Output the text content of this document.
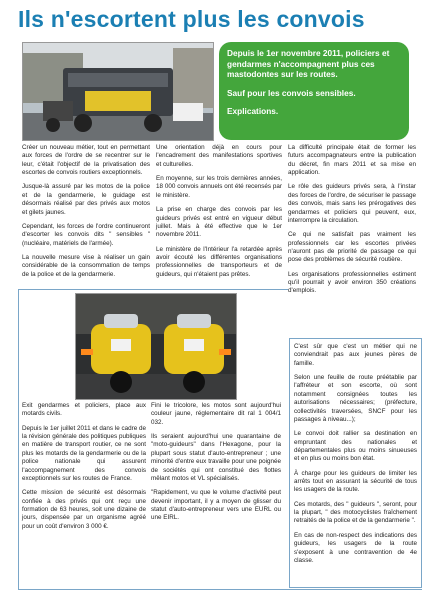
Ils n'escortent plus les convois

Depuis le 1er novembre 2011, policiers et gendarmes n'accompagnent plus ces mastodontes sur les routes.

Sauf pour les convois sensibles.

Explications.

Créer un nouveau métier, tout en permettant aux forces de l'ordre de se recentrer sur le leur, c'était l'objectif de la privatisation des escortes de convois routiers exceptionnels.

Jusque-là assuré par les motos de la police et de la gendarmerie, le guidage est désormais réalisé par des privés aux motos et gilets jaunes.

Cependant, les forces de l'ordre continueront d'escorter les convois dits " sensibles " (nucléaire, matériels de l'armée).

La nouvelle mesure vise à réaliser un gain considérable de la consommation de temps de la police et de la gendarmerie.

Une orientation déjà en cours pour l'encadrement des manifestations sportives et culturelles.

En moyenne, sur les trois dernières années, 18 000 convois annuels ont été recensés par le ministère.

La prise en charge des convois par les guideurs privés est entré en vigueur début juillet. Mais à été effective que le 1er novembre 2011.

Le ministère de l'Intérieur l'a retardée après avoir écouté les différentes organisations professionnelles de transporteurs et de guideurs, qui n'étaient pas prêtes.

La difficulté principale était de former les futurs accompagnateurs entre la publication du décret, fin mars 2011 et sa mise en application.

Le rôle des guideurs privés sera, à l'instar des forces de l'ordre, de sécuriser le passage des convois, mais sans les prérogatives des gendarmes et policiers qui peuvent, eux, interrompre la circulation.

Ce qui ne satisfait pas vraiment les professionnels car les escortes privées n'auront pas de priorité de passage ce qui pose des problèmes de sécurité routière.

Les organisations professionnelles estiment qu'il pourrait y avoir environ 350 créations d'emplois.

Exit gendarmes et policiers, place aux motards civils.

Depuis le 1er juillet 2011 et dans le cadre de la révision générale des politiques publiques en matière de transport routier, ce ne sont plus les motards de la gendarmerie ou de la police nationale qui assurent l'accompagnement des convois exceptionnels sur les routes de France.

Cette mission de sécurité est désormais confiée à des privés qui ont reçu une formation de 63 heures, soit une dizaine de jours, dispensée par un organisme agréé pour un coût d'environ 3 000 €.

Fini le tricolore, les motos sont aujourd'hui couleur jaune, réglementaire dit ral 1 004/1 032.

Ils seraient aujourd'hui une quarantaine de "moto-guideurs" dans l'Hexagone, pour la plupart sous statut d'auto-entrepreneur ; une minorité d'entre eux travaille pour une poignée de sociétés qui ont constitué des flottes mêlant motos et VL spécialisés.

"Rapidement, vu que le volume d'activité peut devenir important, il y a moyen de glisser du statut d'auto-entrepreneur vers une EURL ou une EIRL.

C'est sûr que c'est un métier qui ne conviendrait pas aux jeunes pères de famille.

Selon une feuille de route préétablie par l'affréteur et son escorte, où sont notamment consignées toutes les autorisations nécessaires; (préfecture, collectivités traversées, SNCF pour les passages à niveau...);

Le convoi doit rallier sa destination en empruntant des nationales et départementales plus ou moins sinueuses et en plus ou moins bon état.

À charge pour les guideurs de limiter les arrêts tout en assurant la sécurité de tous les usagers de la route.

Ces motards, des " guideurs ", seront, pour la plupart, " des motocyclistes fraîchement retraités de la police et de la gendarmerie ".

En cas de non-respect des indications des guideurs, les usagers de la route s'exposent à une contravention de 4e classe.
